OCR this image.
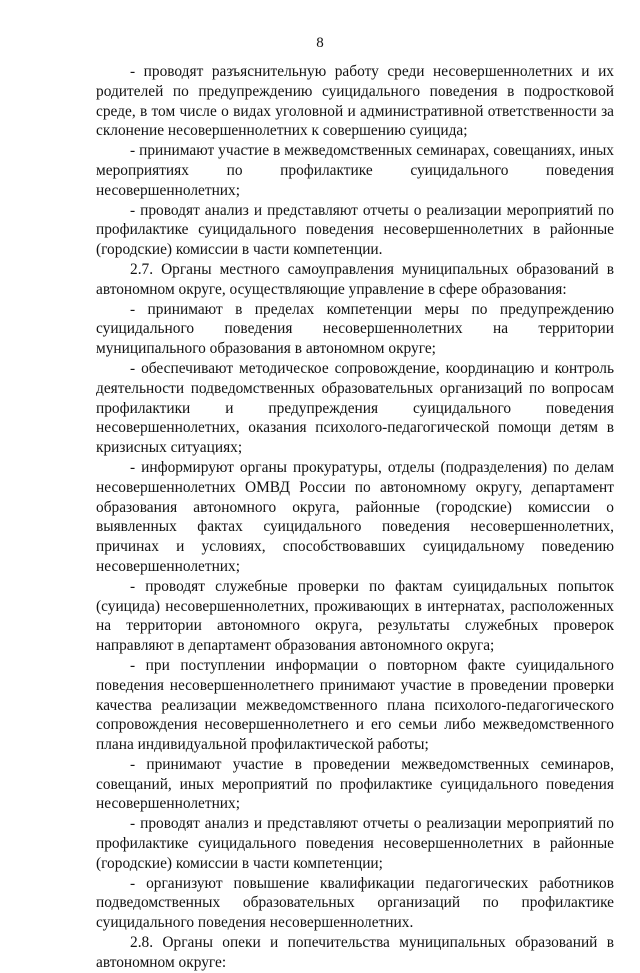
8

- проводят разъяснительную работу среди несовершеннолетних и их родителей по предупреждению суицидального поведения в подростковой среде, в том числе о видах уголовной и административной ответственности за склонение несовершеннолетних к совершению суицида;

- принимают участие в межведомственных семинарах, совещаниях, иных мероприятиях по профилактике суицидального поведения несовершеннолетних;

- проводят анализ и представляют отчеты о реализации мероприятий по профилактике суицидального поведения несовершеннолетних в районные (городские) комиссии в части компетенции.

2.7. Органы местного самоуправления муниципальных образований в автономном округе, осуществляющие управление в сфере образования:

- принимают в пределах компетенции меры по предупреждению суицидального поведения несовершеннолетних на территории муниципального образования в автономном округе;

- обеспечивают методическое сопровождение, координацию и контроль деятельности подведомственных образовательных организаций по вопросам профилактики и предупреждения суицидального поведения несовершеннолетних, оказания психолого-педагогической помощи детям в кризисных ситуациях;

- информируют органы прокуратуры, отделы (подразделения) по делам несовершеннолетних ОМВД России по автономному округу, департамент образования автономного округа, районные (городские) комиссии о выявленных фактах суицидального поведения несовершеннолетних, причинах и условиях, способствовавших суицидальному поведению несовершеннолетних;

- проводят служебные проверки по фактам суицидальных попыток (суицида) несовершеннолетних, проживающих в интернатах, расположенных на территории автономного округа, результаты служебных проверок направляют в департамент образования автономного округа;

- при поступлении информации о повторном факте суицидального поведения несовершеннолетнего принимают участие в проведении проверки качества реализации межведомственного плана психолого-педагогического сопровождения несовершеннолетнего и его семьи либо межведомственного плана индивидуальной профилактической работы;

- принимают участие в проведении межведомственных семинаров, совещаний, иных мероприятий по профилактике суицидального поведения несовершеннолетних;

- проводят анализ и представляют отчеты о реализации мероприятий по профилактике суицидального поведения несовершеннолетних в районные (городские) комиссии в части компетенции;

- организуют повышение квалификации педагогических работников подведомственных образовательных организаций по профилактике суицидального поведения несовершеннолетних.

2.8. Органы опеки и попечительства муниципальных образований в автономном округе:
